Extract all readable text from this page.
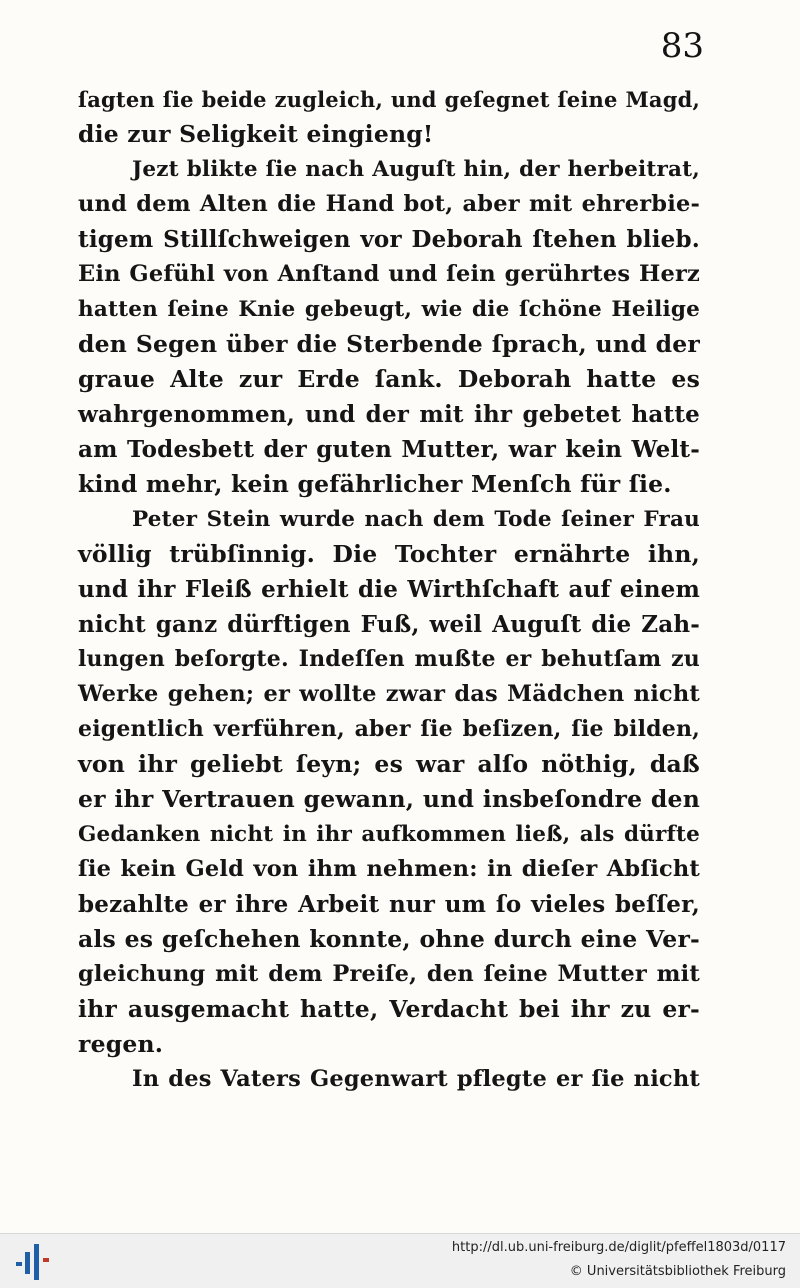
83
ſagten ſie beide zugleich, und geſegnet ſeine Magd,
die zur Seligkeit eingieng!
Jezt blikte ſie nach Auguſt hin, der herbeitrat,
und dem Alten die Hand bot, aber mit ehrerbie-
tigem Stillſchweigen vor Deborah ſtehen blieb.
Ein Gefühl von Anſtand und ſein gerührtes Herz
hatten ſeine Knie gebeugt, wie die ſchöne Heilige
den Segen über die Sterbende ſprach, und der
graue Alte zur Erde ſank. Deborah hatte es
wahrgenommen, und der mit ihr gebetet hatte
am Todesbett der guten Mutter, war kein Welt-
kind mehr, kein gefährlicher Menſch für ſie.
Peter Stein wurde nach dem Tode ſeiner Frau
völlig trübſinnig. Die Tochter ernährte ihn,
und ihr Fleiß erhielt die Wirthſchaft auf einem
nicht ganz dürftigen Fuß, weil Auguſt die Zah-
lungen beſorgte. Indeſſen mußte er behutſam zu
Werke gehen; er wollte zwar das Mädchen nicht
eigentlich verführen, aber ſie beſizen, ſie bilden,
von ihr geliebt ſeyn; es war alſo nöthig, daß
er ihr Vertrauen gewann, und insbeſondre den
Gedanken nicht in ihr aufkommen ließ, als dürfte
ſie kein Geld von ihm nehmen: in dieſer Abſicht
bezahlte er ihre Arbeit nur um ſo vieles beſſer,
als es geſchehen konnte, ohne durch eine Ver-
gleichung mit dem Preiſe, den ſeine Mutter mit
ihr ausgemacht hatte, Verdacht bei ihr zu er-
regen.
In des Vaters Gegenwart pflegte er ſie nicht
http://dl.ub.uni-freiburg.de/diglit/pfeffel1803d/0117
© Universitätsbibliothek Freiburg
